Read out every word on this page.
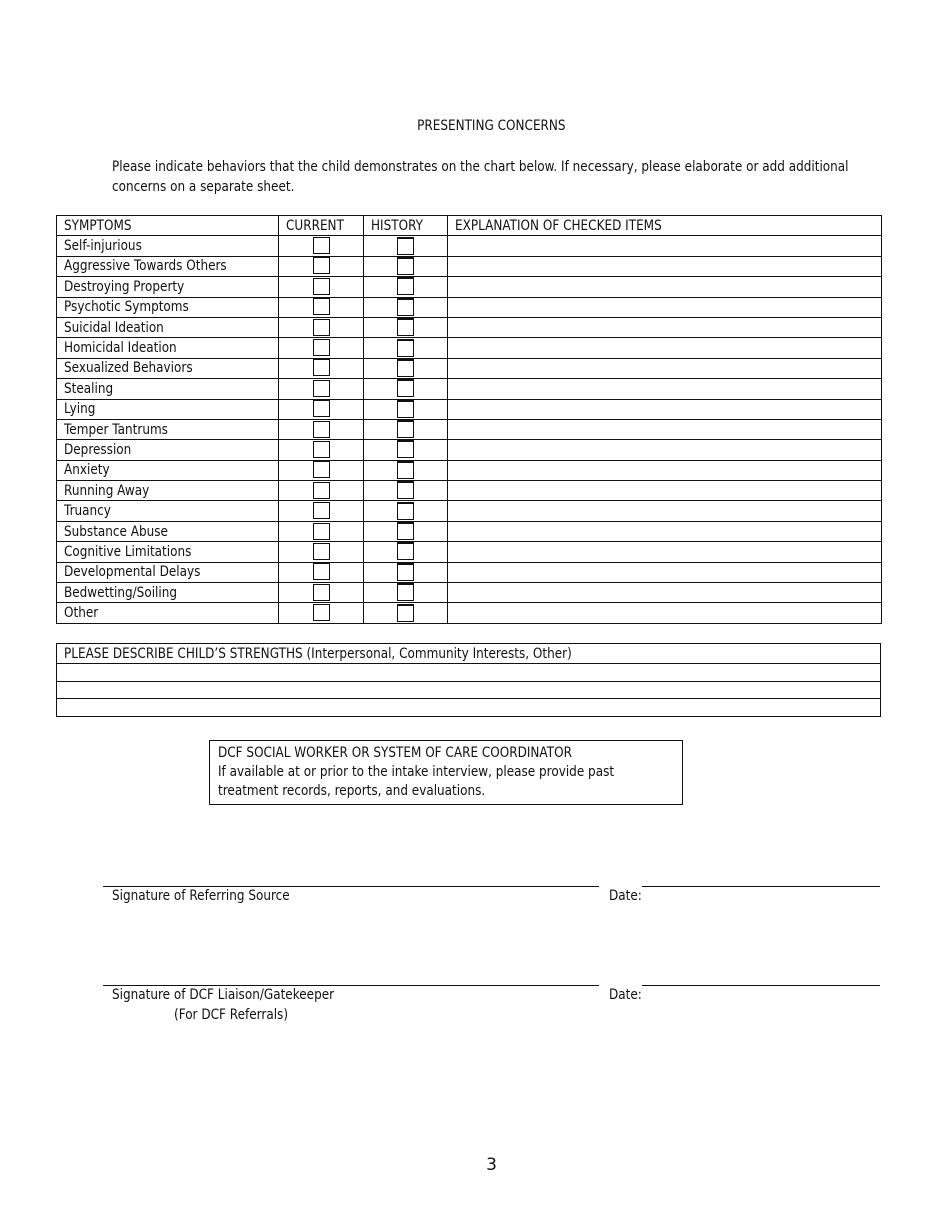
PRESENTING CONCERNS
Please indicate behaviors that the child demonstrates on the chart below. If necessary, please elaborate or add additional
concerns on a separate sheet.
SYMPTOMS	CURRENT	HISTORY	EXPLANATION OF CHECKED ITEMS
Self-injurious			
Aggressive Towards Others			
Destroying Property			
Psychotic Symptoms			
Suicidal Ideation			
Homicidal Ideation			
Sexualized Behaviors			
Stealing			
Lying			
Temper Tantrums			
Depression			
Anxiety			
Running Away			
Truancy			
Substance Abuse			
Cognitive Limitations			
Developmental Delays			
Bedwetting/Soiling			
Other			
PLEASE DESCRIBE CHILD’S STRENGTHS (Interpersonal, Community Interests, Other)

DCF SOCIAL WORKER OR SYSTEM OF CARE COORDINATOR
If available at or prior to the intake interview, please provide past
treatment records, reports, and evaluations.
Signature of Referring Source	Date:
Signature of DCF Liaison/Gatekeeper
(For DCF Referrals)
Date:
3
